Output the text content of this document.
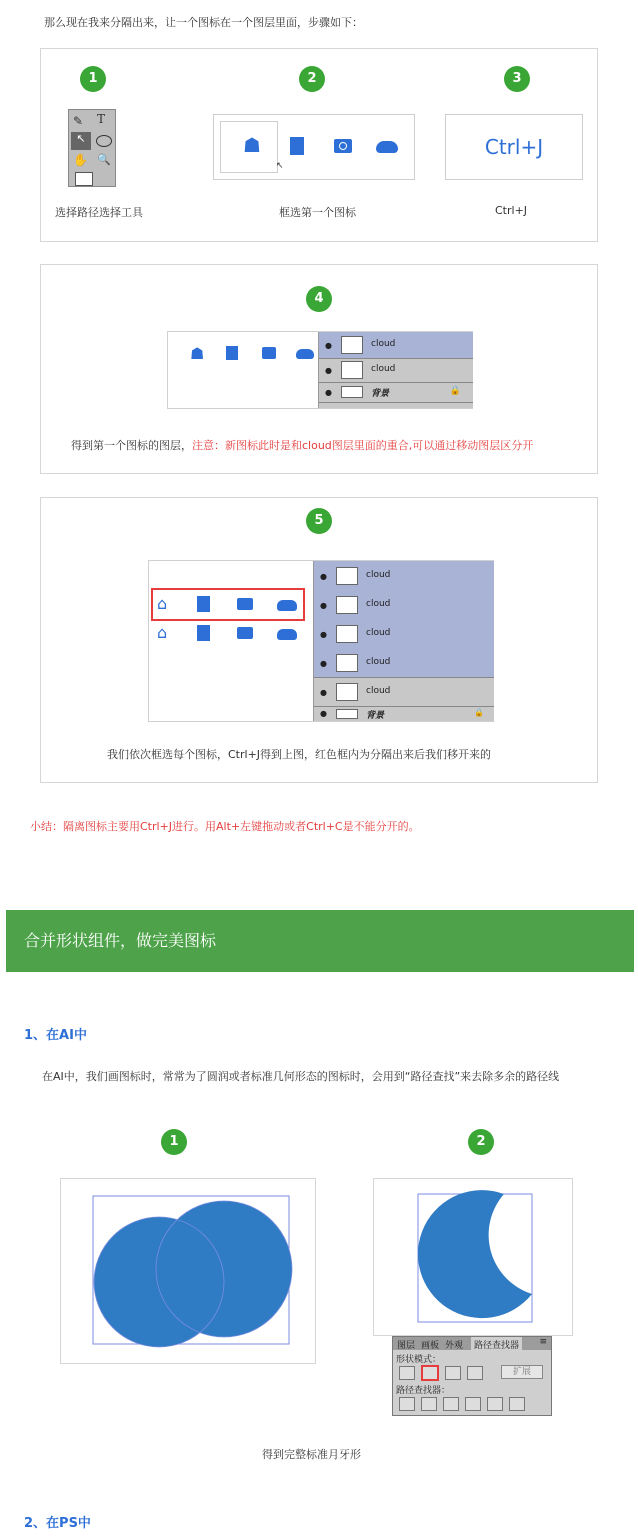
那么现在我来分隔出来，让一个图标在一个图层里面，步骤如下：
1	2	3
✎ T
↖
✋ 🔍
☗
↖
Ctrl+J
选择路径选择工具	框选第一个图标	Ctrl+J
4
☗	●	cloud
●	cloud
●	背景	🔒
得到第一个图标的图层，注意：新图标此时是和cloud图层里面的重合,可以通过移动图层区分开
5
⌂
⌂
●	cloud
●	cloud
●	cloud
●	cloud
●	cloud
●	背景	🔒
我们依次框选每个图标，Ctrl+J得到上图，红色框内为分隔出来后我们移开来的
小结：隔离图标主要用Ctrl+J进行。用Alt+左键拖动或者Ctrl+C是不能分开的。
合并形状组件，做完美图标
1、在AI中
在AI中，我们画图标时，常常为了圆润或者标准几何形态的图标时，会用到“路径查找”来去除多余的路径线
1	2
图层 画板 外观	路径查找器	≡
形状模式：
扩展
路径查找器：
得到完整标准月牙形
2、在PS中
